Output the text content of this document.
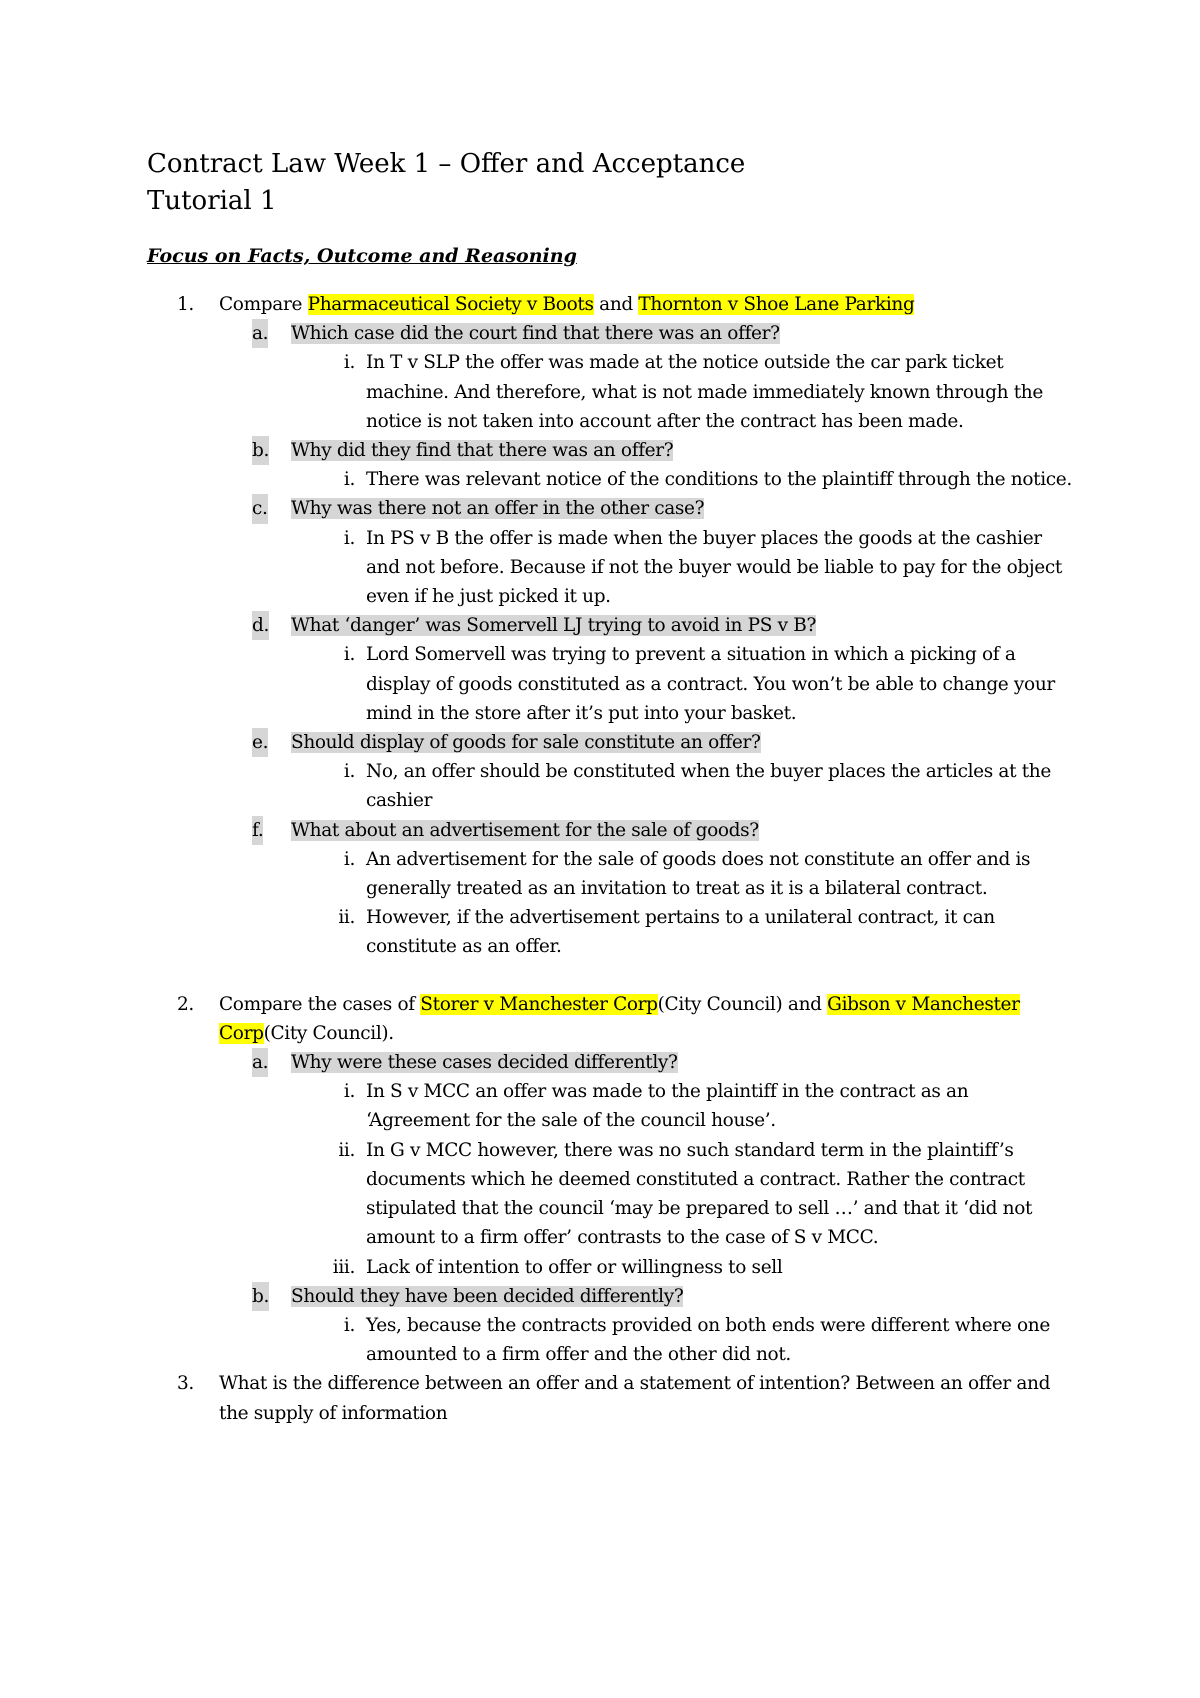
Contract Law Week 1 – Offer and Acceptance
Tutorial 1
Focus on Facts, Outcome and Reasoning
1. Compare Pharmaceutical Society v Boots and Thornton v Shoe Lane Parking
a. Which case did the court find that there was an offer?
i. In T v SLP the offer was made at the notice outside the car park ticket machine. And therefore, what is not made immediately known through the notice is not taken into account after the contract has been made.
b. Why did they find that there was an offer?
i. There was relevant notice of the conditions to the plaintiff through the notice.
c. Why was there not an offer in the other case?
i. In PS v B the offer is made when the buyer places the goods at the cashier and not before. Because if not the buyer would be liable to pay for the object even if he just picked it up.
d. What ‘danger’ was Somervell LJ trying to avoid in PS v B?
i. Lord Somervell was trying to prevent a situation in which a picking of a display of goods constituted as a contract. You won’t be able to change your mind in the store after it’s put into your basket.
e. Should display of goods for sale constitute an offer?
i. No, an offer should be constituted when the buyer places the articles at the cashier
f. What about an advertisement for the sale of goods?
i. An advertisement for the sale of goods does not constitute an offer and is generally treated as an invitation to treat as it is a bilateral contract.
ii. However, if the advertisement pertains to a unilateral contract, it can constitute as an offer.
2. Compare the cases of Storer v Manchester Corp(City Council) and Gibson v Manchester Corp(City Council).
a. Why were these cases decided differently?
i. In S v MCC an offer was made to the plaintiff in the contract as an ‘Agreement for the sale of the council house’.
ii. In G v MCC however, there was no such standard term in the plaintiff’s documents which he deemed constituted a contract. Rather the contract stipulated that the council ‘may be prepared to sell …’ and that it ‘did not amount to a firm offer’ contrasts to the case of S v MCC.
iii. Lack of intention to offer or willingness to sell
b. Should they have been decided differently?
i. Yes, because the contracts provided on both ends were different where one amounted to a firm offer and the other did not.
3. What is the difference between an offer and a statement of intention? Between an offer and the supply of information
